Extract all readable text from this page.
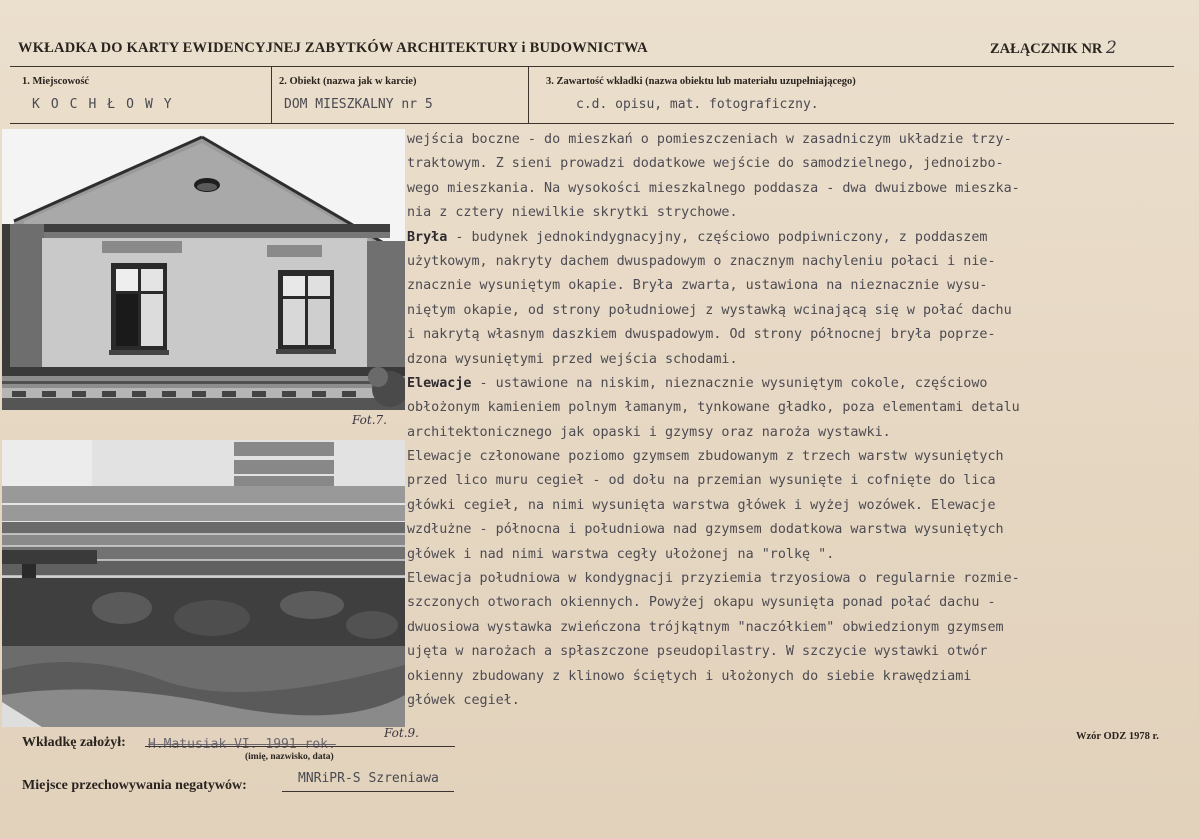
WKŁADKA DO KARTY EWIDENCYJNEJ ZABYTKÓW ARCHITEKTURY i BUDOWNICTWA	ZAŁĄCZNIK NR 2
1. Miejscowość
KOCHŁOWY
2. Obiekt (nazwa jak w karcie)
DOM MIESZKALNY nr 5
3. Zawartość wkładki (nazwa obiektu lub materiału uzupełniającego)
c.d. opisu, mat. fotograficzny.
Fot.7.
Fot.9.
wejścia boczne - do mieszkań o pomieszczeniach w zasadniczym układzie trzy-
traktowym. Z sieni prowadzi dodatkowe wejście do samodzielnego, jednoizbo-
wego mieszkania. Na wysokości mieszkalnego poddasza - dwa dwuizbowe mieszka-
nia z cztery niewilkie skrytki strychowe.
Bryła - budynek jednokindygnacyjny, częściowo podpiwniczony, z poddaszem
użytkowym, nakryty dachem dwuspadowym o znacznym nachyleniu połaci i nie-
znacznie wysuniętym okapie. Bryła zwarta, ustawiona na nieznacznie wysu-
niętym okapie, od strony południowej z wystawką wcinającą się w połać dachu
i nakrytą własnym daszkiem dwuspadowym. Od strony północnej bryła poprze-
dzona wysuniętymi przed wejścia schodami.
Elewacje - ustawione na niskim, nieznacznie wysuniętym cokole, częściowo
obłożonym kamieniem polnym łamanym, tynkowane gładko, poza elementami detalu
architektonicznego jak opaski i gzymsy oraz naroża wystawki.
Elewacje członowane poziomo gzymsem zbudowanym z trzech warstw wysuniętych
przed lico muru cegieł - od dołu na przemian wysunięte i cofnięte do lica
główki cegieł, na nimi wysunięta warstwa główek i wyżej wozówek. Elewacje
wzdłużne - północna i południowa nad gzymsem dodatkowa warstwa wysuniętych
główek i nad nimi warstwa cegły ułożonej na "rolkę ".
Elewacja południowa w kondygnacji przyziemia trzyosiowa o regularnie rozmie-
szczonych otworach okiennych. Powyżej okapu wysunięta ponad połać dachu -
dwuosiowa wystawka zwieńczona trójkątnym "naczółkiem" obwiedzionym gzymsem
ujęta w narożach a spłaszczone pseudopilastry. W szczycie wystawki otwór
okienny zbudowany z klinowo ściętych i ułożonych do siebie krawędziami
główek cegieł.
Wzór ODZ 1978 r.
Wkładkę założył: H.Matusiak VI. 1991 rok.
(imię, nazwisko, data)
Miejsce przechowywania negatywów:	MNRiPR-S Szreniawa
